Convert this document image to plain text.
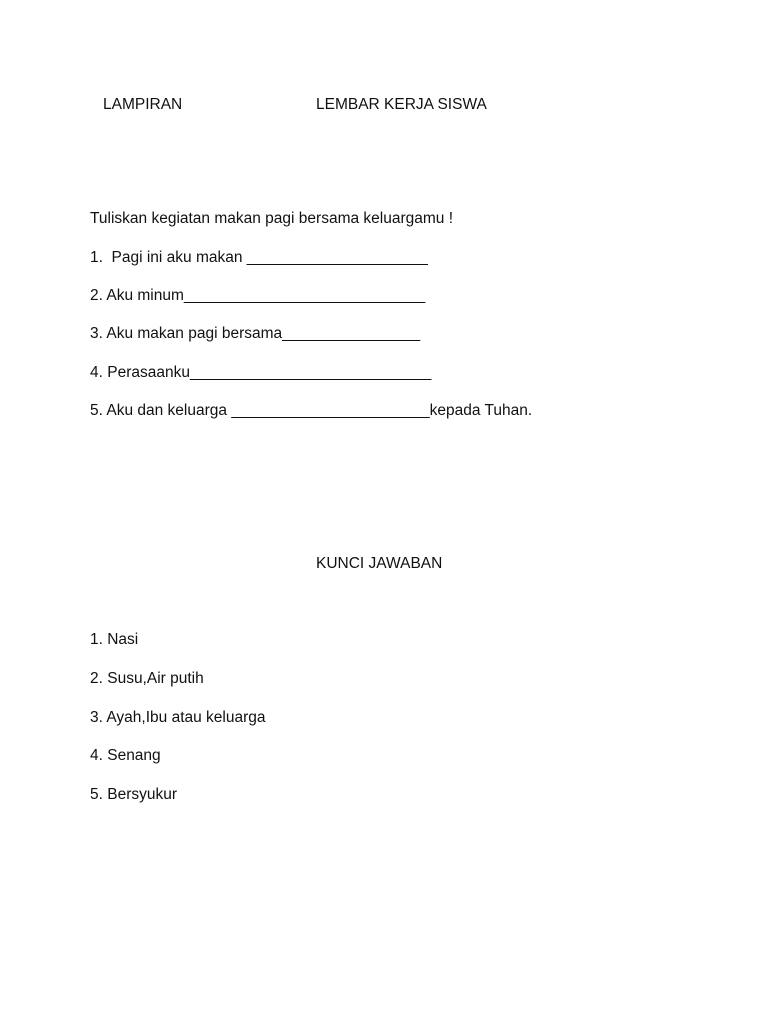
LAMPIRAN	LEMBAR KERJA SISWA

Tuliskan kegiatan makan pagi bersama keluargamu !

1.  Pagi ini aku makan _____________________

2. Aku minum____________________________

3. Aku makan pagi bersama________________

4. Perasaanku____________________________

5. Aku dan keluarga _______________________kepada Tuhan.

KUNCI JAWABAN

1. Nasi

2. Susu,Air putih

3. Ayah,Ibu atau keluarga

4. Senang

5. Bersyukur
